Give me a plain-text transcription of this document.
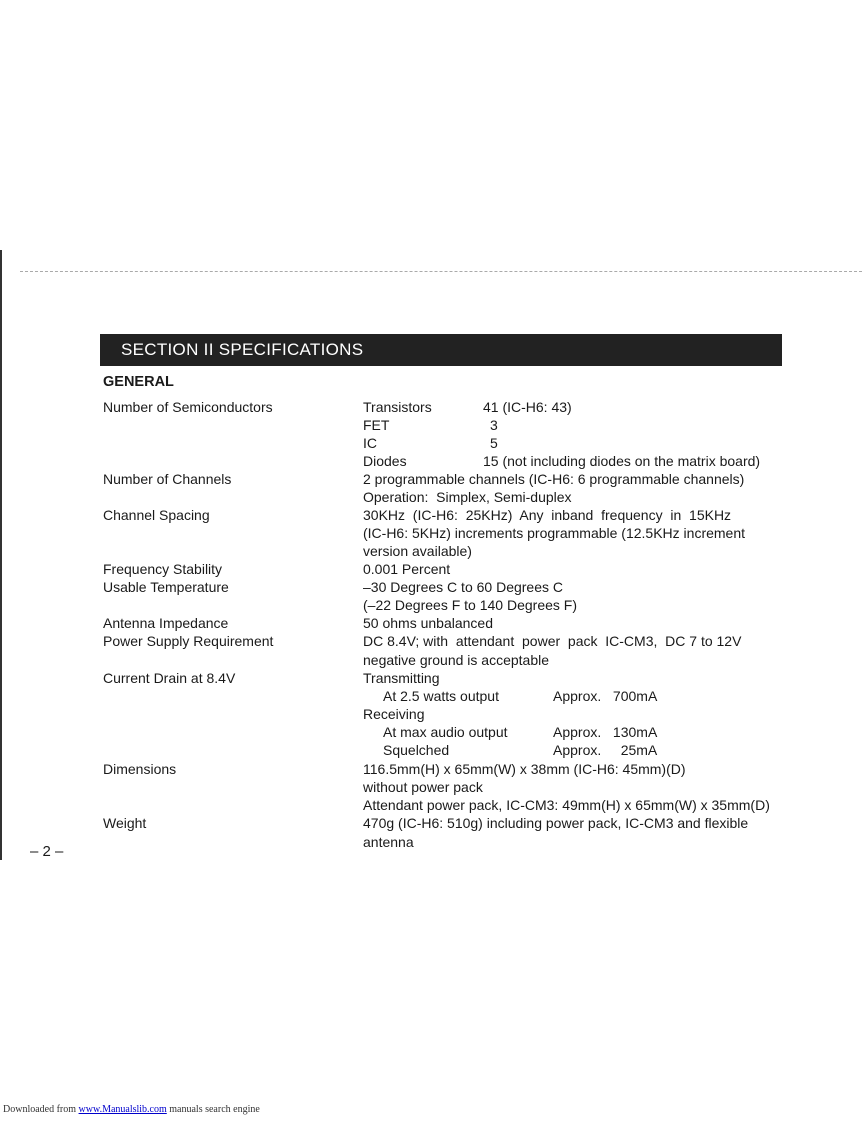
SECTION II SPECIFICATIONS
GENERAL
Number of Semiconductors	Transistors	41 (IC-H6: 43)
FET	3
IC	5
Diodes	15 (not including diodes on the matrix board)
Number of Channels	2 programmable channels (IC-H6: 6 programmable channels)
Operation:  Simplex, Semi-duplex
Channel Spacing	30KHz  (IC-H6:  25KHz)  Any  inband  frequency  in  15KHz
(IC-H6: 5KHz) increments programmable (12.5KHz increment
version available)
Frequency Stability	0.001 Percent
Usable Temperature	–30 Degrees C to 60 Degrees C
(–22 Degrees F to 140 Degrees F)
Antenna Impedance	50 ohms unbalanced
Power Supply Requirement	DC 8.4V; with  attendant  power  pack  IC-CM3,  DC 7 to 12V
negative ground is acceptable
Current Drain at 8.4V	Transmitting
At 2.5 watts output	Approx.   700mA
Receiving
At max audio output	Approx.   130mA
Squelched	Approx.     25mA
Dimensions	116.5mm(H) x 65mm(W) x 38mm (IC-H6: 45mm)(D)
without power pack
Attendant power pack, IC-CM3: 49mm(H) x 65mm(W) x 35mm(D)
Weight	470g (IC-H6: 510g) including power pack, IC-CM3 and flexible
antenna
– 2 –
Downloaded from www.Manualslib.com manuals search engine
